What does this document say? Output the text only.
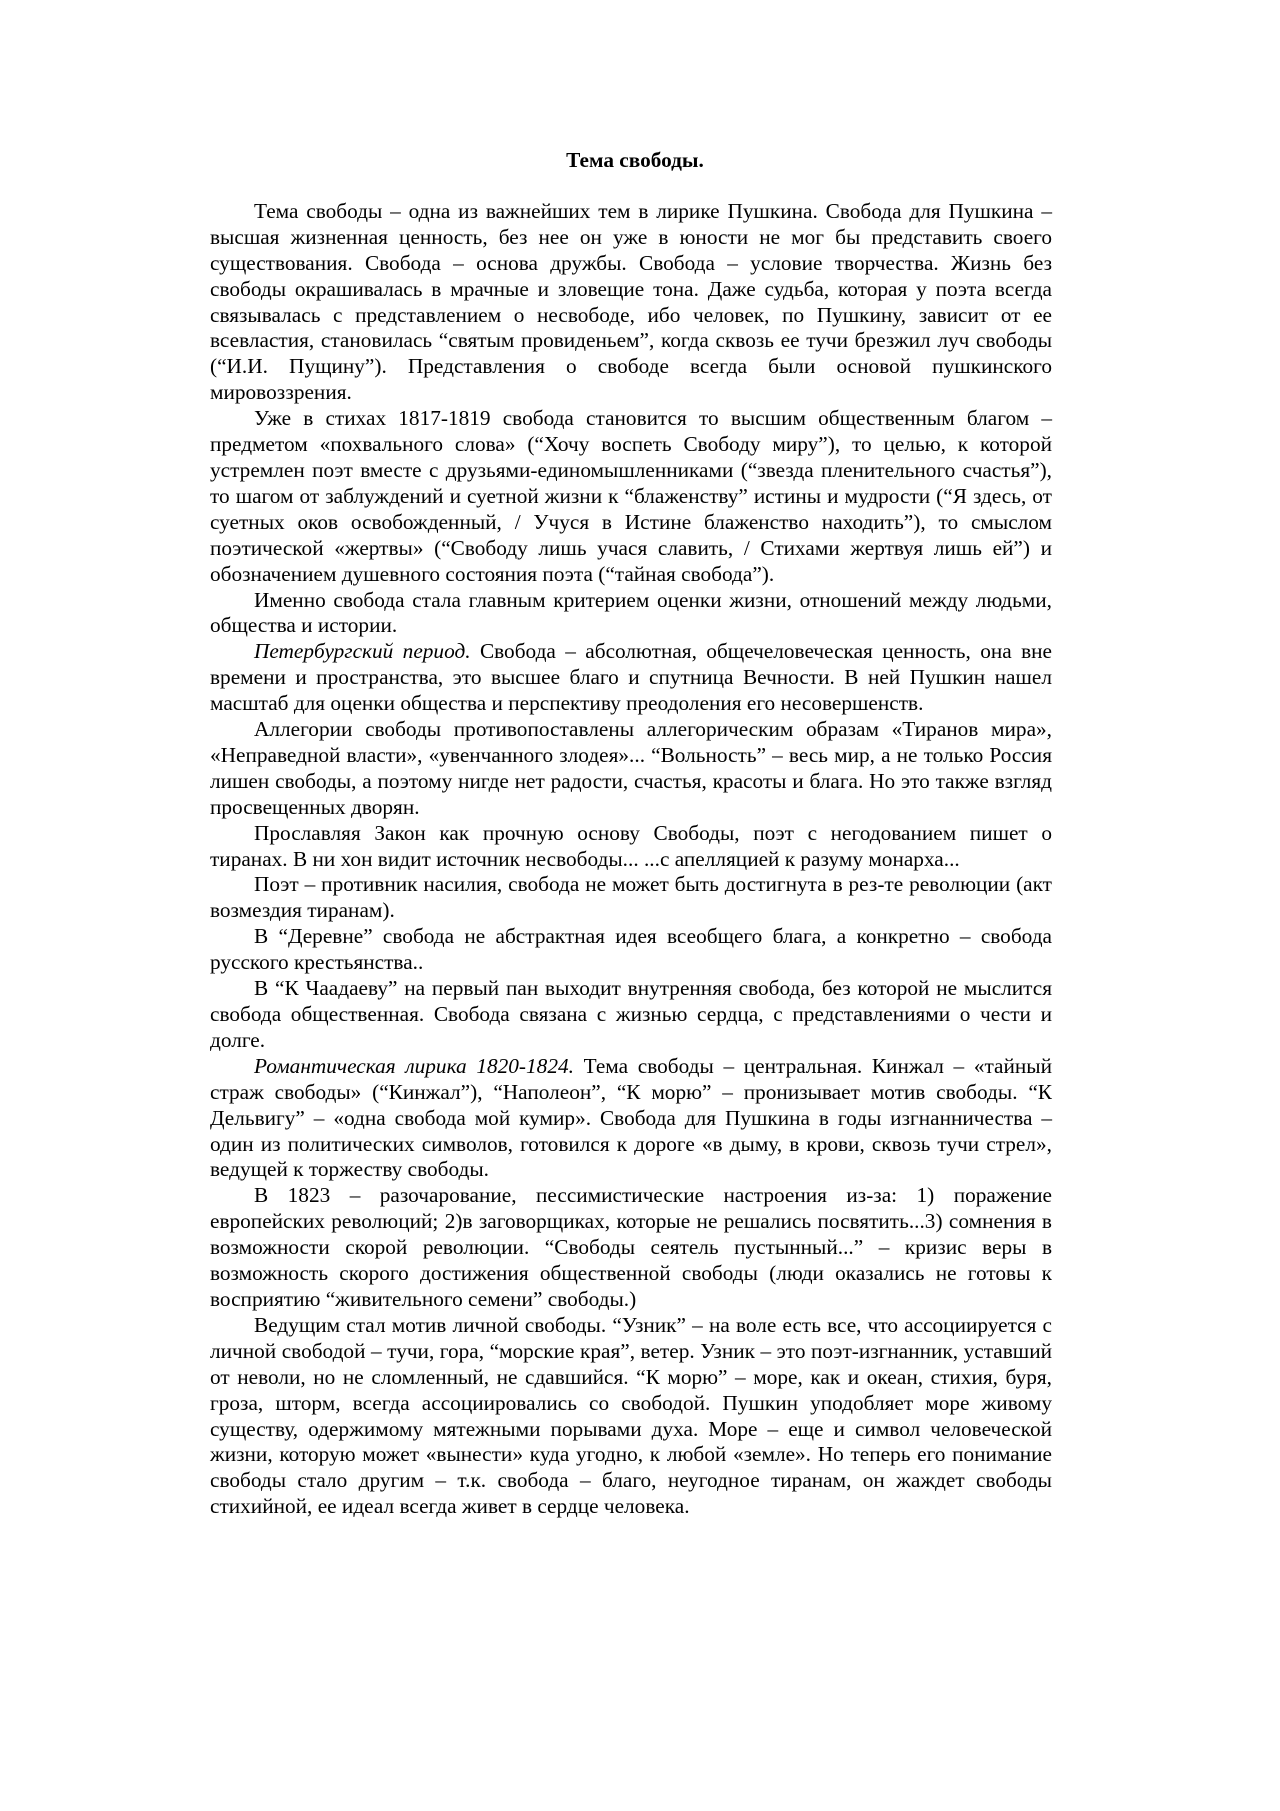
Тема свободы.

Тема свободы – одна из важнейших тем в лирике Пушкина. Свобода для Пушкина – высшая жизненная ценность, без нее он уже в юности не мог бы представить своего существования. Свобода – основа дружбы. Свобода – условие творчества. Жизнь без свободы окрашивалась в мрачные и зловещие тона. Даже судьба, которая у поэта всегда связывалась с представлением о несвободе, ибо человек, по Пушкину, зависит от ее всевластия, становилась “святым провиденьем”, когда сквозь ее тучи брезжил луч свободы (“И.И. Пущину”). Представления о свободе всегда были основой пушкинского мировоззрения.

Уже в стихах 1817-1819 свобода становится то высшим общественным благом – предметом «похвального слова» (“Хочу воспеть Свободу миру”), то целью, к которой устремлен поэт вместе с друзьями-единомышленниками (“звезда пленительного счастья”), то шагом от заблуждений и суетной жизни к “блаженству” истины и мудрости (“Я здесь, от суетных оков освобожденный, / Учуся в Истине блаженство находить”), то смыслом поэтической «жертвы» (“Свободу лишь учася славить, / Стихами жертвуя лишь ей”) и обозначением душевного состояния поэта (“тайная свобода”).

Именно свобода стала главным критерием оценки жизни, отношений между людьми, общества и истории.

Петербургский период. Свобода – абсолютная, общечеловеческая ценность, она вне времени и пространства, это высшее благо и спутница Вечности. В ней Пушкин нашел масштаб для оценки общества и перспективу преодоления его несовершенств.

Аллегории свободы противопоставлены аллегорическим образам «Тиранов мира», «Неправедной власти», «увенчанного злодея»... “Вольность” – весь мир, а не только Россия лишен свободы, а поэтому нигде нет радости, счастья, красоты и блага. Но это также взгляд просвещенных дворян.

Прославляя Закон как прочную основу Свободы, поэт с негодованием пишет о тиранах. В ни хон видит источник несвободы... ...с апелляцией к разуму монарха...

Поэт – противник насилия, свобода не может быть достигнута в рез-те революции (акт возмездия тиранам).

В “Деревне” свобода не абстрактная идея всеобщего блага, а конкретно – свобода русского крестьянства..

В “К Чаадаеву” на первый пан выходит внутренняя свобода, без которой не мыслится свобода общественная. Свобода связана с жизнью сердца, с представлениями о чести и долге.

Романтическая лирика 1820-1824. Тема свободы – центральная. Кинжал – «тайный страж свободы» (“Кинжал”), “Наполеон”, “К морю” – пронизывает мотив свободы. “К Дельвигу” – «одна свобода мой кумир». Свобода для Пушкина в годы изгнанничества – один из политических символов, готовился к дороге «в дыму, в крови, сквозь тучи стрел», ведущей к торжеству свободы.

В 1823 – разочарование, пессимистические настроения из-за: 1) поражение европейских революций; 2)в заговорщиках, которые не решались посвятить...3) сомнения в возможности скорой революции. “Свободы сеятель пустынный...” – кризис веры в возможность скорого достижения общественной свободы (люди оказались не готовы к восприятию “живительного семени” свободы.)

Ведущим стал мотив личной свободы. “Узник” – на воле есть все, что ассоциируется с личной свободой – тучи, гора, “морские края”, ветер. Узник – это поэт-изгнанник, уставший от неволи, но не сломленный, не сдавшийся. “К морю” – море, как и океан, стихия, буря, гроза, шторм, всегда ассоциировались со свободой. Пушкин уподобляет море живому существу, одержимому мятежными порывами духа. Море – еще и символ человеческой жизни, которую может «вынести» куда угодно, к любой «земле». Но теперь его понимание свободы стало другим – т.к. свобода – благо, неугодное тиранам, он жаждет свободы стихийной, ее идеал всегда живет в сердце человека.
